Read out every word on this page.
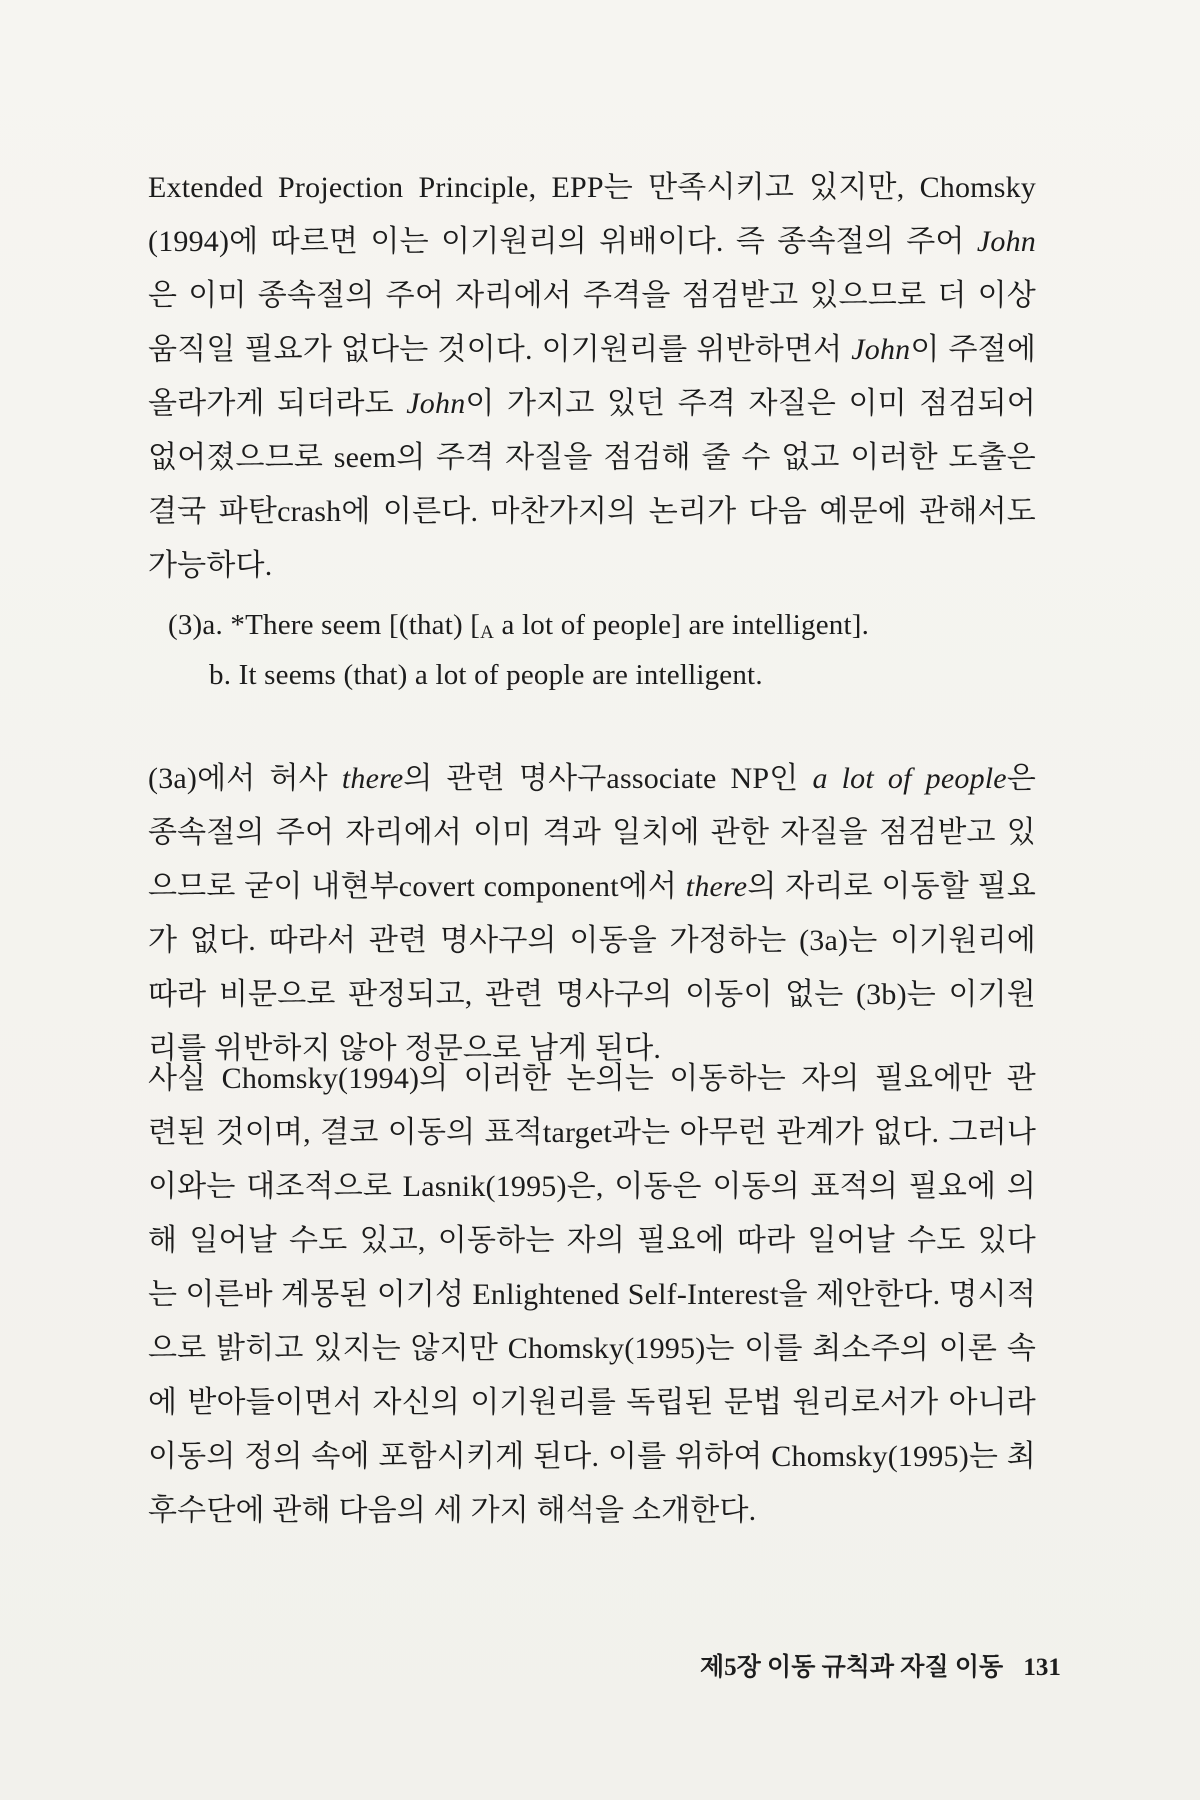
Extended Projection Principle, EPP는 만족시키고 있지만, Chomsky
(1994)에 따르면 이는 이기원리의 위배이다. 즉 종속절의 주어 John
은 이미 종속절의 주어 자리에서 주격을 점검받고 있으므로 더 이상
움직일 필요가 없다는 것이다. 이기원리를 위반하면서 John이 주절에
올라가게 되더라도 John이 가지고 있던 주격 자질은 이미 점검되어
없어졌으므로 seem의 주격 자질을 점검해 줄 수 없고 이러한 도출은
결국 파탄crash에 이른다. 마찬가지의 논리가 다음 예문에 관해서도
가능하다.
(3)a. *There seem [(that) [A a lot of people] are intelligent].
b. It seems (that) a lot of people are intelligent.
(3a)에서 허사 there의 관련 명사구associate NP인 a lot of people은
종속절의 주어 자리에서 이미 격과 일치에 관한 자질을 점검받고 있
으므로 굳이 내현부covert component에서 there의 자리로 이동할 필요
가 없다. 따라서 관련 명사구의 이동을 가정하는 (3a)는 이기원리에
따라 비문으로 판정되고, 관련 명사구의 이동이 없는 (3b)는 이기원
리를 위반하지 않아 정문으로 남게 된다.
사실 Chomsky(1994)의 이러한 논의는 이동하는 자의 필요에만 관
련된 것이며, 결코 이동의 표적target과는 아무런 관계가 없다. 그러나
이와는 대조적으로 Lasnik(1995)은, 이동은 이동의 표적의 필요에 의
해 일어날 수도 있고, 이동하는 자의 필요에 따라 일어날 수도 있다
는 이른바 계몽된 이기성 Enlightened Self-Interest을 제안한다. 명시적
으로 밝히고 있지는 않지만 Chomsky(1995)는 이를 최소주의 이론 속
에 받아들이면서 자신의 이기원리를 독립된 문법 원리로서가 아니라
이동의 정의 속에 포함시키게 된다. 이를 위하여 Chomsky(1995)는 최
후수단에 관해 다음의 세 가지 해석을 소개한다.
제5장 이동 규칙과 자질 이동 131
